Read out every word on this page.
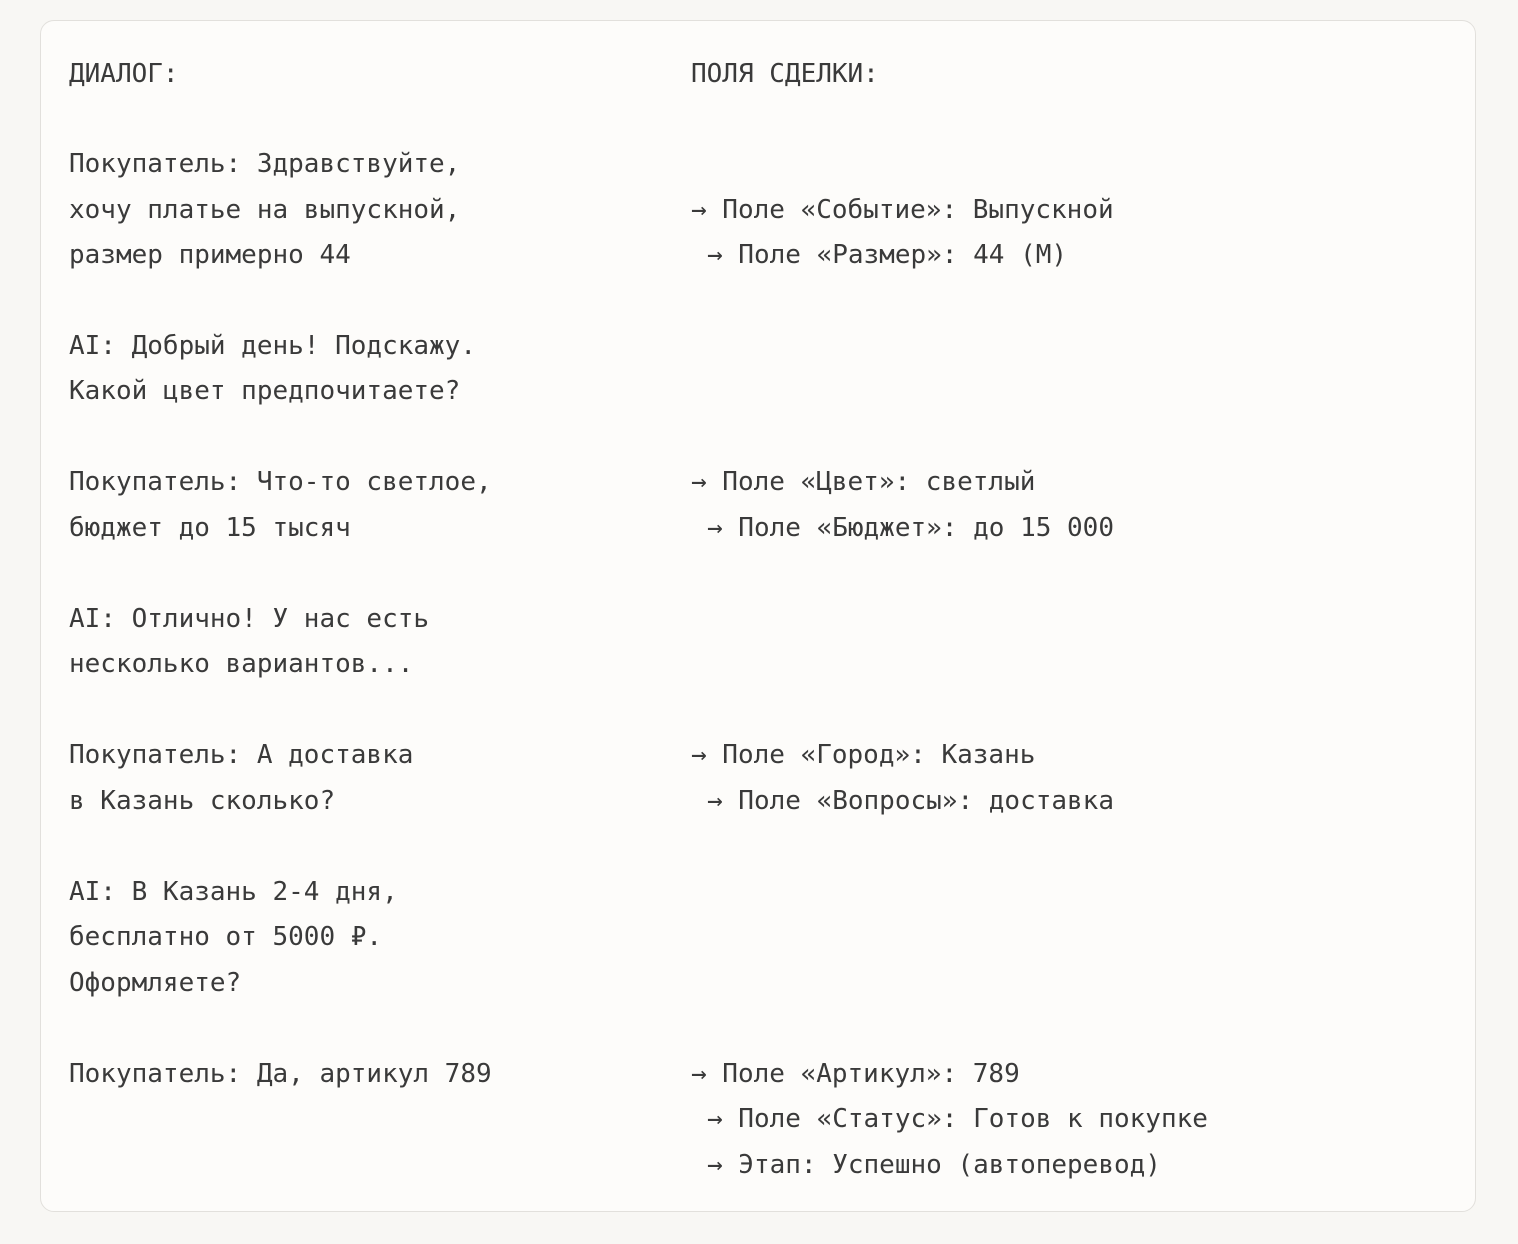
ДИАЛОГ:

Покупатель: Здравствуйте,

хочу платье на выпускной,

размер примерно 44

AI: Добрый день! Подскажу.

Какой цвет предпочитаете?

Покупатель: Что-то светлое,

бюджет до 15 тысяч

AI: Отлично! У нас есть

несколько вариантов...

Покупатель: А доставка

в Казань сколько?

AI: В Казань 2-4 дня,

бесплатно от 5000 ₽.

Оформляете?

Покупатель: Да, артикул 789

ПОЛЯ СДЕЛКИ:

→ Поле «Событие»: Выпускной

→ Поле «Размер»: 44 (M)

→ Поле «Цвет»: светлый

→ Поле «Бюджет»: до 15 000

→ Поле «Город»: Казань

→ Поле «Вопросы»: доставка

→ Поле «Артикул»: 789

→ Поле «Статус»: Готов к покупке

→ Этап: Успешно (автоперевод)
